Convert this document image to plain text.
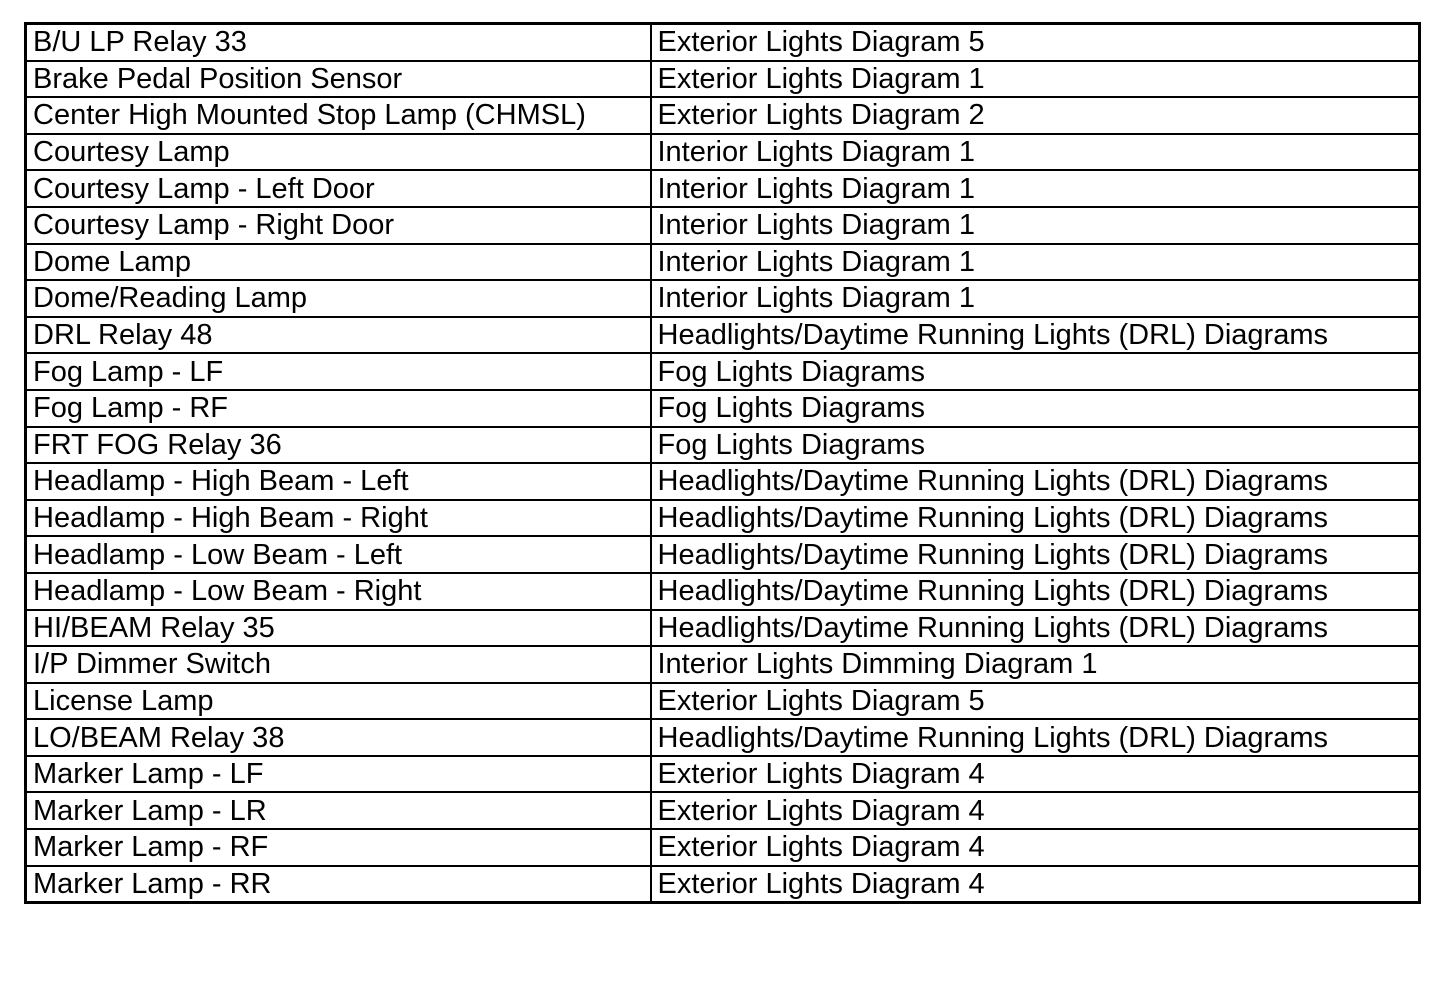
B/U LP Relay 33	Exterior Lights Diagram 5
Brake Pedal Position Sensor	Exterior Lights Diagram 1
Center High Mounted Stop Lamp (CHMSL)	Exterior Lights Diagram 2
Courtesy Lamp	Interior Lights Diagram 1
Courtesy Lamp - Left Door	Interior Lights Diagram 1
Courtesy Lamp - Right Door	Interior Lights Diagram 1
Dome Lamp	Interior Lights Diagram 1
Dome/Reading Lamp	Interior Lights Diagram 1
DRL Relay 48	Headlights/Daytime Running Lights (DRL) Diagrams
Fog Lamp - LF	Fog Lights Diagrams
Fog Lamp - RF	Fog Lights Diagrams
FRT FOG Relay 36	Fog Lights Diagrams
Headlamp - High Beam - Left	Headlights/Daytime Running Lights (DRL) Diagrams
Headlamp - High Beam - Right	Headlights/Daytime Running Lights (DRL) Diagrams
Headlamp - Low Beam - Left	Headlights/Daytime Running Lights (DRL) Diagrams
Headlamp - Low Beam - Right	Headlights/Daytime Running Lights (DRL) Diagrams
HI/BEAM Relay 35	Headlights/Daytime Running Lights (DRL) Diagrams
I/P Dimmer Switch	Interior Lights Dimming Diagram 1
License Lamp	Exterior Lights Diagram 5
LO/BEAM Relay 38	Headlights/Daytime Running Lights (DRL) Diagrams
Marker Lamp - LF	Exterior Lights Diagram 4
Marker Lamp - LR	Exterior Lights Diagram 4
Marker Lamp - RF	Exterior Lights Diagram 4
Marker Lamp - RR	Exterior Lights Diagram 4
